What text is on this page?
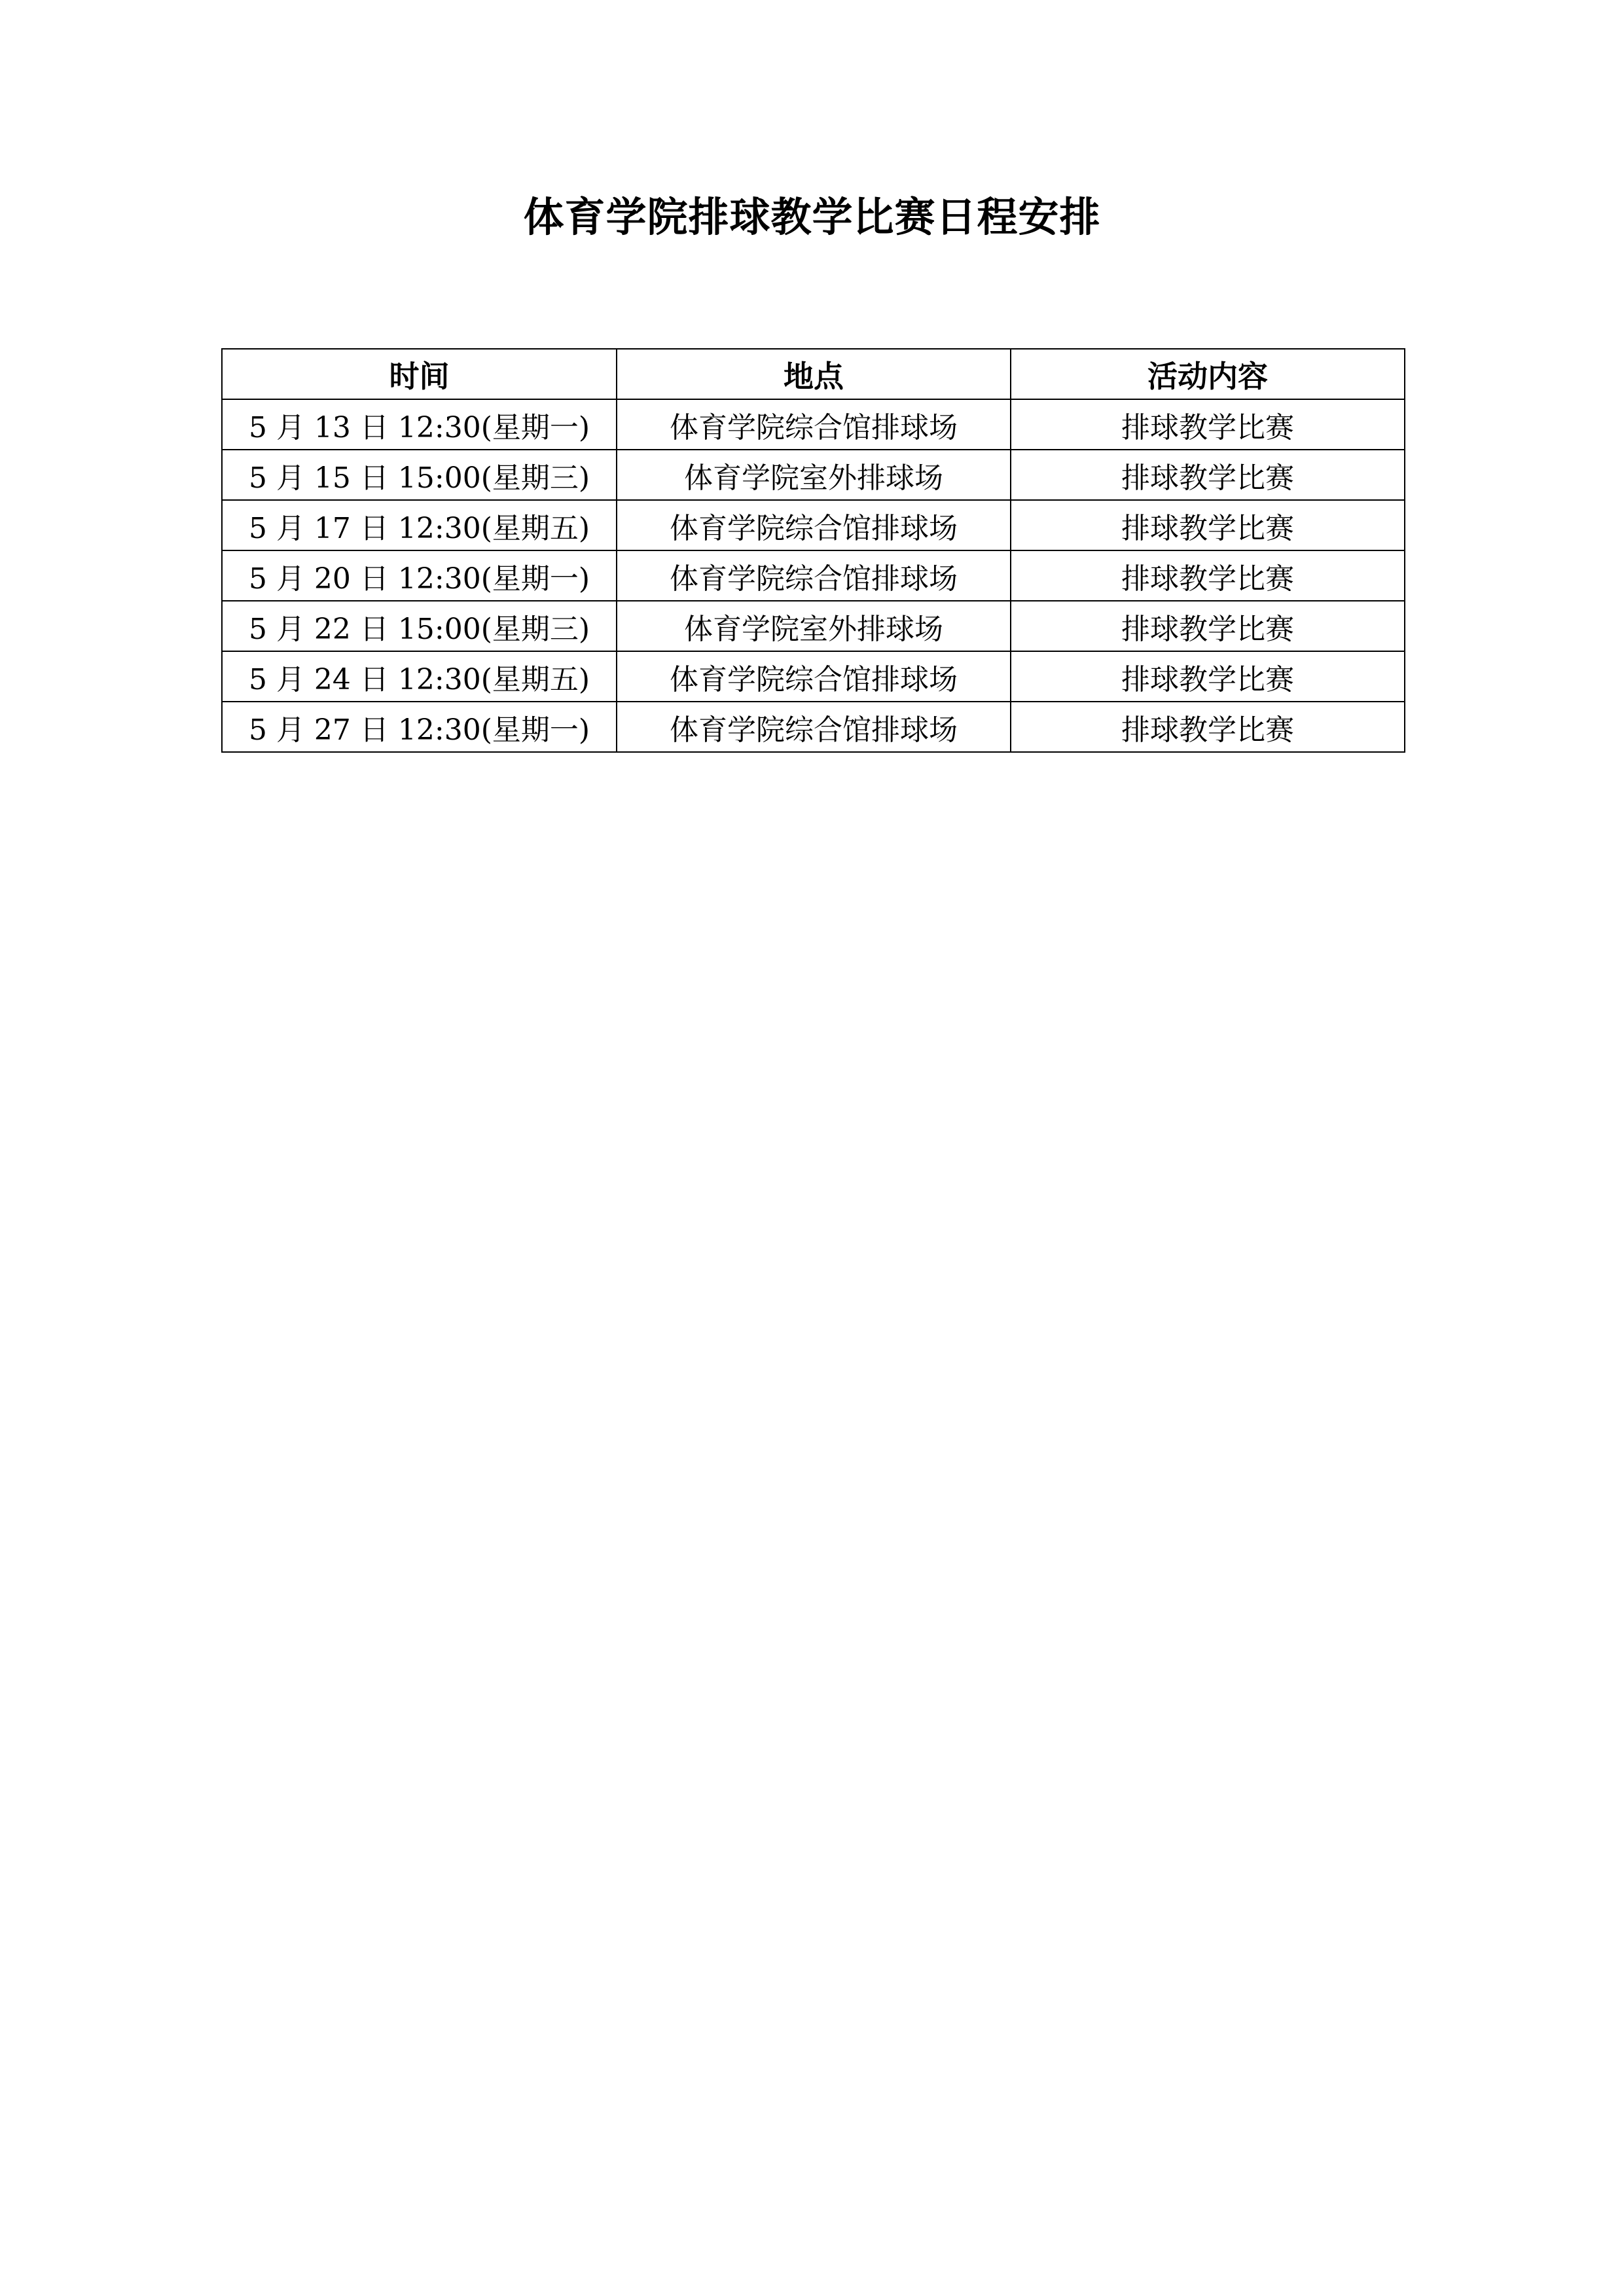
体育学院排球教学比赛日程安排
时间	地点	活动内容
5 月 13 日 12:30(星期一)	体育学院综合馆排球场	排球教学比赛
5 月 15 日 15:00(星期三)	体育学院室外排球场	排球教学比赛
5 月 17 日 12:30(星期五)	体育学院综合馆排球场	排球教学比赛
5 月 20 日 12:30(星期一)	体育学院综合馆排球场	排球教学比赛
5 月 22 日 15:00(星期三)	体育学院室外排球场	排球教学比赛
5 月 24 日 12:30(星期五)	体育学院综合馆排球场	排球教学比赛
5 月 27 日 12:30(星期一)	体育学院综合馆排球场	排球教学比赛
